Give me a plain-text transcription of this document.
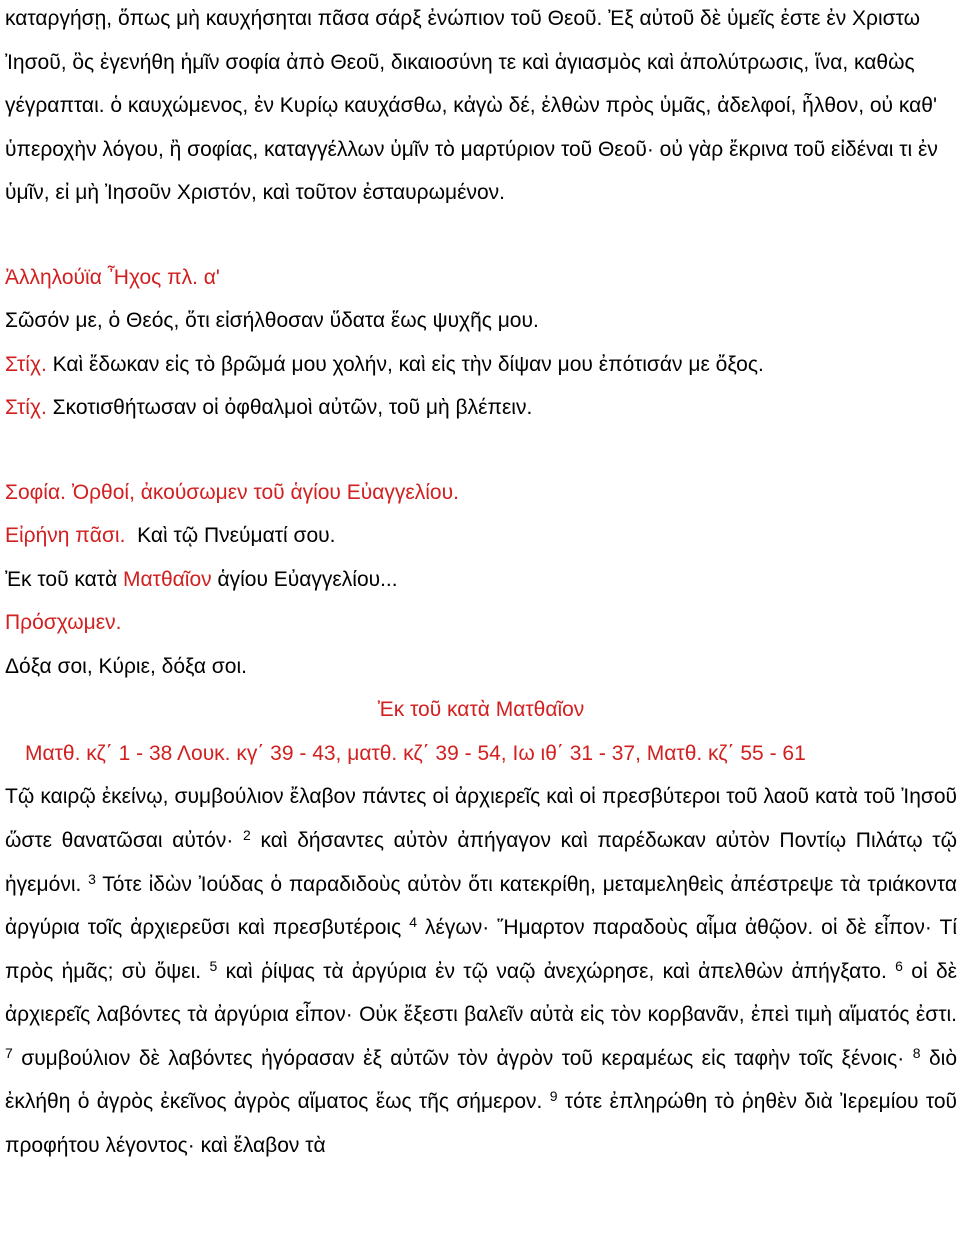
καταργήσῃ, ὅπως μὴ καυχήσηται πᾶσα σάρξ ἐνώπιον τοῦ Θεοῦ. Ἐξ αὐτοῦ δὲ ὑμεῖς ἐστε ἐν Χριστω Ἰησοῦ, ὃς ἐγενήθη ἡμῖν σοφία ἀπὸ Θεοῦ, δικαιοσύνη τε καὶ ἁγιασμὸς καὶ ἀπολύτρωσις, ἵνα, καθὼς γέγραπται. ὁ καυχώμενος, ἐν Κυρίῳ καυχάσθω, κἀγὼ δέ, ἐλθὼν πρὸς ὑμᾶς, ἀδελφοί, ἦλθον, οὐ καθ' ὑπεροχὴν λόγου, ἢ σοφίας, καταγγέλλων ὑμῖν τὸ μαρτύριον τοῦ Θεοῦ· οὐ γὰρ ἔκρινα τοῦ εἰδέναι τι ἐν ὑμῖν, εἰ μὴ Ἰησοῦν Χριστόν, καὶ τοῦτον ἐσταυρωμένον.

Ἀλληλούϊα Ἦχος πλ. α'
Σῶσόν με, ὁ Θεός, ὅτι εἰσήλθοσαν ὕδατα ἕως ψυχῆς μου.
Στίχ. Καὶ ἔδωκαν εἰς τὸ βρῶμά μου χολήν, καὶ εἰς τὴν δίψαν μου ἐπότισάν με ὄξος.
Στίχ. Σκοτισθήτωσαν οἱ ὀφθαλμοὶ αὐτῶν, τοῦ μὴ βλέπειν.
Σοφία. Ὀρθοί, ἀκούσωμεν τοῦ ἁγίου Εὐαγγελίου.
Εἰρήνη πᾶσι.  Καὶ τῷ Πνεύματί σου.
Ἐκ τοῦ κατὰ Ματθαῖον ἁγίου Εὐαγγελίου...
Πρόσχωμεν.
Δόξα σοι, Κύριε, δόξα σοι.
Ἐκ τοῦ κατὰ Ματθαῖον
Ματθ. κζ΄ 1 - 38 Λουκ. κγ΄ 39 - 43, ματθ. κζ΄ 39 - 54, Ιω ιθ΄ 31 - 37, Ματθ. κζ΄ 55 - 61

Τῷ καιρῷ ἐκείνῳ, συμβούλιον ἔλαβον πάντες οἱ ἀρχιερεῖς καὶ οἱ πρεσβύτεροι τοῦ λαοῦ κατὰ τοῦ Ἰησοῦ ὥστε θανατῶσαι αὐτόν· $^2$ καὶ δήσαντες αὐτὸν ἀπήγαγον καὶ παρέδωκαν αὐτὸν Ποντίῳ Πιλάτῳ τῷ ἡγεμόνι. $^3$ Τότε ἰδὼν Ἰούδας ὁ παραδιδοὺς αὐτὸν ὅτι κατεκρίθη, μεταμεληθεὶς ἀπέστρεψε τὰ τριάκοντα ἀργύρια τοῖς ἀρχιερεῦσι καὶ πρεσβυτέροις $^4$ λέγων· Ἥμαρτον παραδοὺς αἷμα ἀθῷον. οἱ δὲ εἶπον· Τί πρὸς ἡμᾶς; σὺ ὄψει. $^5$ καὶ ῥίψας τὰ ἀργύρια ἐν τῷ ναῷ ἀνεχώρησε, καὶ ἀπελθὼν ἀπήγξατο. $^6$ οἱ δὲ ἀρχιερεῖς λαβόντες τὰ ἀργύρια εἶπον· Οὐκ ἔξεστι βαλεῖν αὐτὰ εἰς τὸν κορβανᾶν, ἐπεὶ τιμὴ αἵματός ἐστι. $^7$ συμβούλιον δὲ λαβόντες ἠγόρασαν ἐξ αὐτῶν τὸν ἀγρὸν τοῦ κεραμέως εἰς ταφὴν τοῖς ξένοις· $^8$ διὸ ἐκλήθη ὁ ἀγρὸς ἐκεῖνος ἀγρὸς αἵματος ἕως τῆς σήμερον. $^9$ τότε ἐπληρώθη τὸ ῥηθὲν διὰ Ἰερεμίου τοῦ προφήτου λέγοντος· καὶ ἔλαβον τὰ
